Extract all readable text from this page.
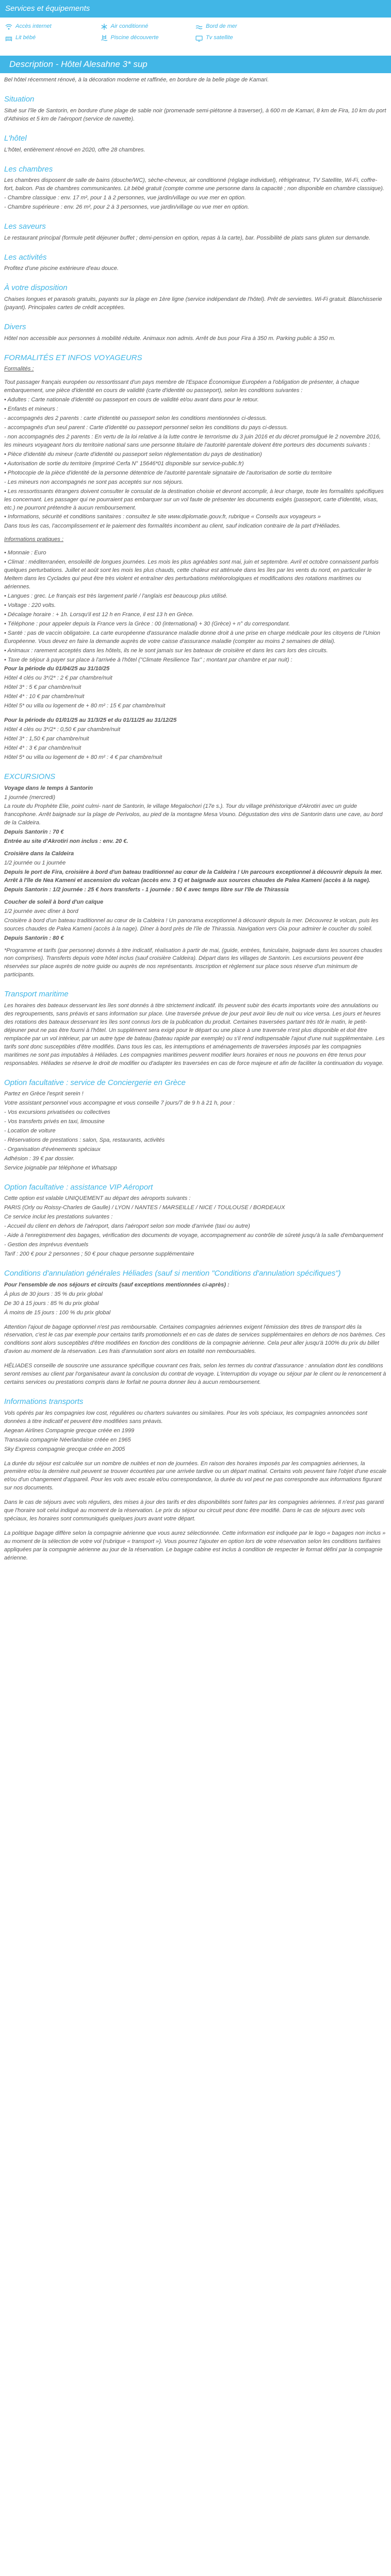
Services et équipements
Accès internet	Air conditionné	Bord de mer
Lit bébé	Piscine découverte	Tv satellite
Description - Hôtel Alesahne 3* sup

Bel hôtel récemment rénové, à la décoration moderne et raffinée, en bordure de la belle plage de Kamari.

Situation

Situé sur l'île de Santorin, en bordure d'une plage de sable noir (promenade semi-piétonne à traverser), à 600 m de Kamari, 8 km de Fira, 10 km du port d'Athinios et 5 km de l'aéroport (service de navette).

L'hôtel

L'hôtel, entièrement rénové en 2020, offre 28 chambres.

Les chambres

Les chambres disposent de salle de bains (douche/WC), sèche-cheveux, air conditionné (réglage individuel), réfrigérateur, TV Satellite, Wi-Fi, coffre-fort, balcon. Pas de chambres communicantes. Lit bébé gratuit (compte comme une personne dans la capacité ; non disponible en chambre classique).

- Chambre classique : env. 17 m², pour 1 à 2 personnes, vue jardin/village ou vue mer en option.

- Chambre supérieure : env. 26 m², pour 2 à 3 personnes, vue jardin/village ou vue mer en option.

Les saveurs

Le restaurant principal (formule petit déjeuner buffet ; demi-pension en option, repas à la carte), bar. Possibilité de plats sans gluten sur demande.

Les activités

Profitez d'une piscine extérieure d'eau douce.

À votre disposition

Chaises longues et parasols gratuits, payants sur la plage en 1ère ligne (service indépendant de l'hôtel). Prêt de serviettes. Wi-Fi gratuit. Blanchisserie (payant). Principales cartes de crédit acceptées.

Divers

Hôtel non accessible aux personnes à mobilité réduite. Animaux non admis. Arrêt de bus pour Fira à 350 m. Parking public à 350 m.

FORMALITÉS ET INFOS VOYAGEURS

Formalités :

Tout passager français européen ou ressortissant d'un pays membre de l'Espace Économique Européen a l'obligation de présenter, à chaque embarquement, une pièce d'identité en cours de validité (carte d'identité ou passeport), selon les conditions suivantes :

• Adultes : Carte nationale d'identité ou passeport en cours de validité et/ou avant dans pour le retour.

• Enfants et mineurs :

- accompagnés des 2 parents : carte d'identité ou passeport selon les conditions mentionnées ci-dessus.

- accompagnés d'un seul parent : Carte d'identité ou passeport personnel selon les conditions du pays ci-dessus.

- non accompagnés des 2 parents : En vertu de la loi relative à la lutte contre le terrorisme du 3 juin 2016 et du décret promulgué le 2 novembre 2016, les mineurs voyageant hors du territoire national sans une personne titulaire de l'autorité parentale doivent être porteurs des documents suivants :

• Pièce d'identité du mineur (carte d'identité ou passeport selon réglementation du pays de destination)

• Autorisation de sortie du territoire (imprimé Cerfa N° 15646*01 disponible sur service-public.fr)

• Photocopie de la pièce d'identité de la personne détentrice de l'autorité parentale signataire de l'autorisation de sortie du territoire

- Les mineurs non accompagnés ne sont pas acceptés sur nos séjours.

• Les ressortissants étrangers doivent consulter le consulat de la destination choisie et devront accomplir, à leur charge, toute les formalités spécifiques les concernant. Les passager qui ne pourraient pas embarquer sur un vol faute de présenter les documents exigés (passeport, carte d'identité, visas, etc.) ne pourront prétendre à aucun remboursement.

• Informations, sécurité et conditions sanitaires : consultez le site www.diplomatie.gouv.fr, rubrique « Conseils aux voyageurs »

Dans tous les cas, l'accomplissement et le paiement des formalités incombent au client, sauf indication contraire de la part d'Héliades.

Informations pratiques :

• Monnaie : Euro

• Climat : méditerranéen, ensoleillé de longues journées. Les mois les plus agréables sont mai, juin et septembre. Avril et octobre connaissent parfois quelques perturbations. Juillet et août sont les mois les plus chauds, cette chaleur est atténuée dans les îles par les vents du nord, en particulier le Meltem dans les Cyclades qui peut être très violent et entraîner des perturbations météorologiques et modifications des rotations maritimes ou aériennes.

• Langues : grec. Le français est très largement parlé / l'anglais est beaucoup plus utilisé.

• Voltage : 220 volts.

• Décalage horaire : + 1h. Lorsqu'il est 12 h en France, il est 13 h en Grèce.

• Téléphone : pour appeler depuis la France vers la Grèce : 00 (international) + 30 (Grèce) + n° du correspondant.

• Santé : pas de vaccin obligatoire. La carte européenne d'assurance maladie donne droit à une prise en charge médicale pour les citoyens de l'Union Européenne. Vous devez en faire la demande auprès de votre caisse d'assurance maladie (compter au moins 2 semaines de délai).

• Animaux : rarement acceptés dans les hôtels, ils ne le sont jamais sur les bateaux de croisière et dans les cars lors des circuits.

• Taxe de séjour à payer sur place à l'arrivée à l'hôtel ("Climate Resilience Tax" ; montant par chambre et par nuit) :

Pour la période du 01/04/25 au 31/10/25

Hôtel 4 clés ou 3*/2* : 2 € par chambre/nuit

Hôtel 3* : 5 € par chambre/nuit

Hôtel 4* : 10 € par chambre/nuit

Hôtel 5* ou villa ou logement de + 80 m² : 15 € par chambre/nuit

Pour la période du 01/01/25 au 31/3/25 et du 01/11/25 au 31/12/25

Hôtel 4 clés ou 3*/2* : 0,50 € par chambre/nuit

Hôtel 3* : 1,50 € par chambre/nuit

Hôtel 4* : 3 € par chambre/nuit

Hôtel 5* ou villa ou logement de + 80 m² : 4 € par chambre/nuit

EXCURSIONS

Voyage dans le temps à Santorin

1 journée (mercredi)

La route du Prophète Elie, point culmi- nant de Santorin, le village Megalochori (17e s.). Tour du village préhistorique d'Akrotiri avec un guide francophone. Arrêt baignade sur la plage de Perivolos, au pied de la montagne Mesa Vouno. Dégustation des vins de Santorin dans une cave, au bord de la Caldeira.

Depuis Santorin : 70 €

Entrée au site d'Akrotiri non inclus : env. 20 €.

Croisière dans la Caldeira

1/2 journée ou 1 journée

Depuis le port de Fira, croisière à bord d'un bateau traditionnel au cœur de la Caldeira ! Un parcours exceptionnel à découvrir depuis la mer. Arrêt à l'île de Nea Kameni et ascension du volcan (accès env. 3 €) et baignade aux sources chaudes de Palea Kameni (accès à la nage).

Depuis Santorin : 1/2 journée : 25 € hors transferts - 1 journée : 50 € avec temps libre sur l'île de Thirassia

Coucher de soleil à bord d'un caïque

1/2 journée avec dîner à bord

Croisière à bord d'un bateau traditionnel au cœur de la Caldeira ! Un panorama exceptionnel à découvrir depuis la mer. Découvrez le volcan, puis les sources chaudes de Palea Kameni (accès à la nage). Dîner à bord près de l'île de Thirassia. Navigation vers Oia pour admirer le coucher du soleil.

Depuis Santorin : 80 €

*Programme et tarifs (par personne) donnés à titre indicatif, réalisation à partir de mai, (guide, entrées, funiculaire, baignade dans les sources chaudes non comprises). Transferts depuis votre hôtel inclus (sauf croisière Caldeira). Départ dans les villages de Santorin. Les excursions peuvent être réservées sur place auprès de notre guide ou auprès de nos représentants. Inscription et règlement sur place sous réserve d'un minimum de participants.

Transport maritime

Les horaires des bateaux desservant les îles sont donnés à titre strictement indicatif. Ils peuvent subir des écarts importants voire des annulations ou des regroupements, sans préavis et sans information sur place. Une traversée prévue de jour peut avoir lieu de nuit ou vice versa. Les jours et heures des rotations des bateaux desservant les îles sont connus lors de la publication du produit. Certaines traversées partant très tôt le matin, le petit-déjeuner peut ne pas être fourni à l'hôtel. Un supplément sera exigé pour le départ ou une place à une traversée n'est plus disponible et doit être remplacée par un vol intérieur, par un autre type de bateau (bateau rapide par exemple) ou s'il rend indispensable l'ajout d'une nuit supplémentaire. Les tarifs sont donc susceptibles d'être modifiés. Dans tous les cas, les interruptions et aménagements de traversées imposés par les compagnies maritimes ne sont pas imputables à Héliades. Les compagnies maritimes peuvent modifier leurs horaires et nous ne pouvons en être tenus pour responsables. Héliades se réserve le droit de modifier ou d'adapter les traversées en cas de force majeure et afin de faciliter la continuation du voyage.

Option facultative : service de Conciergerie en Grèce

Partez en Grèce l'esprit serein !

Votre assistant personnel vous accompagne et vous conseille 7 jours/7 de 9 h à 21 h, pour :

- Vos excursions privatisées ou collectives

- Vos transferts privés en taxi, limousine

- Location de voiture

- Réservations de prestations : salon, Spa, restaurants, activités

- Organisation d'événements spéciaux

Adhésion : 39 € par dossier.

Service joignable par téléphone et Whatsapp

Option facultative : assistance VIP Aéroport

Cette option est valable UNIQUEMENT au départ des aéroports suivants :

PARIS (Orly ou Roissy-Charles de Gaulle) / LYON / NANTES / MARSEILLE / NICE / TOULOUSE / BORDEAUX

Ce service inclut les prestations suivantes :

- Accueil du client en dehors de l'aéroport, dans l'aéroport selon son mode d'arrivée (taxi ou autre)

- Aide à l'enregistrement des bagages, vérification des documents de voyage, accompagnement au contrôle de sûreté jusqu'à la salle d'embarquement

- Gestion des imprévus éventuels

Tarif : 200 € pour 2 personnes ; 50 € pour chaque personne supplémentaire

Conditions d'annulation générales Héliades (sauf si mention "Conditions d'annulation spécifiques")

Pour l'ensemble de nos séjours et circuits (sauf exceptions mentionnées ci-après) :

À plus de 30 jours : 35 % du prix global

De 30 à 15 jours : 85 % du prix global

À moins de 15 jours : 100 % du prix global

Attention l'ajout de bagage optionnel n'est pas remboursable. Certaines compagnies aériennes exigent l'émission des titres de transport dès la réservation, c'est le cas par exemple pour certains tarifs promotionnels et en cas de dates de services supplémentaires en dehors de nos barèmes. Ces conditions sont alors susceptibles d'être modifiées en fonction des conditions de la compagnie aérienne. Cela peut aller jusqu'à 100% du prix du billet d'avion au moment de la réservation. Les frais d'annulation sont alors en totalité non remboursables.

HÉLIADES conseille de souscrire une assurance spécifique couvrant ces frais, selon les termes du contrat d'assurance : annulation dont les conditions seront remises au client par l'organisateur avant la conclusion du contrat de voyage. L'interruption du voyage ou séjour par le client ou le renoncement à certains services ou prestations compris dans le forfait ne pourra donner lieu à aucun remboursement.

Informations transports

Vols opérés par les compagnies low cost, régulières ou charters suivantes ou similaires. Pour les vols spéciaux, les compagnies annoncées sont données à titre indicatif et peuvent être modifiées sans préavis.

Aegean Airlines Compagnie grecque créée en 1999

Transavia compagnie Néerlandaise créée en 1965

Sky Express compagnie grecque créée en 2005

La durée du séjour est calculée sur un nombre de nuitées et non de journées. En raison des horaires imposés par les compagnies aériennes, la première et/ou la dernière nuit peuvent se trouver écourtées par une arrivée tardive ou un départ matinal. Certains vols peuvent faire l'objet d'une escale et/ou d'un changement d'appareil. Pour les vols avec escale et/ou correspondance, la durée du vol peut ne pas correspondre aux informations figurant sur nos documents.

Dans le cas de séjours avec vols réguliers, des mises à jour des tarifs et des disponibilités sont faites par les compagnies aériennes. Il n'est pas garanti que l'horaire soit celui indiqué au moment de la réservation. Le prix du séjour ou circuit peut donc être modifié. Dans le cas de séjours avec vols spéciaux, les horaires sont communiqués quelques jours avant votre départ.

La politique bagage diffère selon la compagnie aérienne que vous aurez sélectionnée. Cette information est indiquée par le logo « bagages non inclus » au moment de la sélection de votre vol (rubrique « transport »). Vous pourrez l'ajouter en option lors de votre réservation selon les conditions tarifaires appliquées par la compagnie aérienne au jour de la réservation. Le bagage cabine est inclus à condition de respecter le format défini par la compagnie aérienne.
